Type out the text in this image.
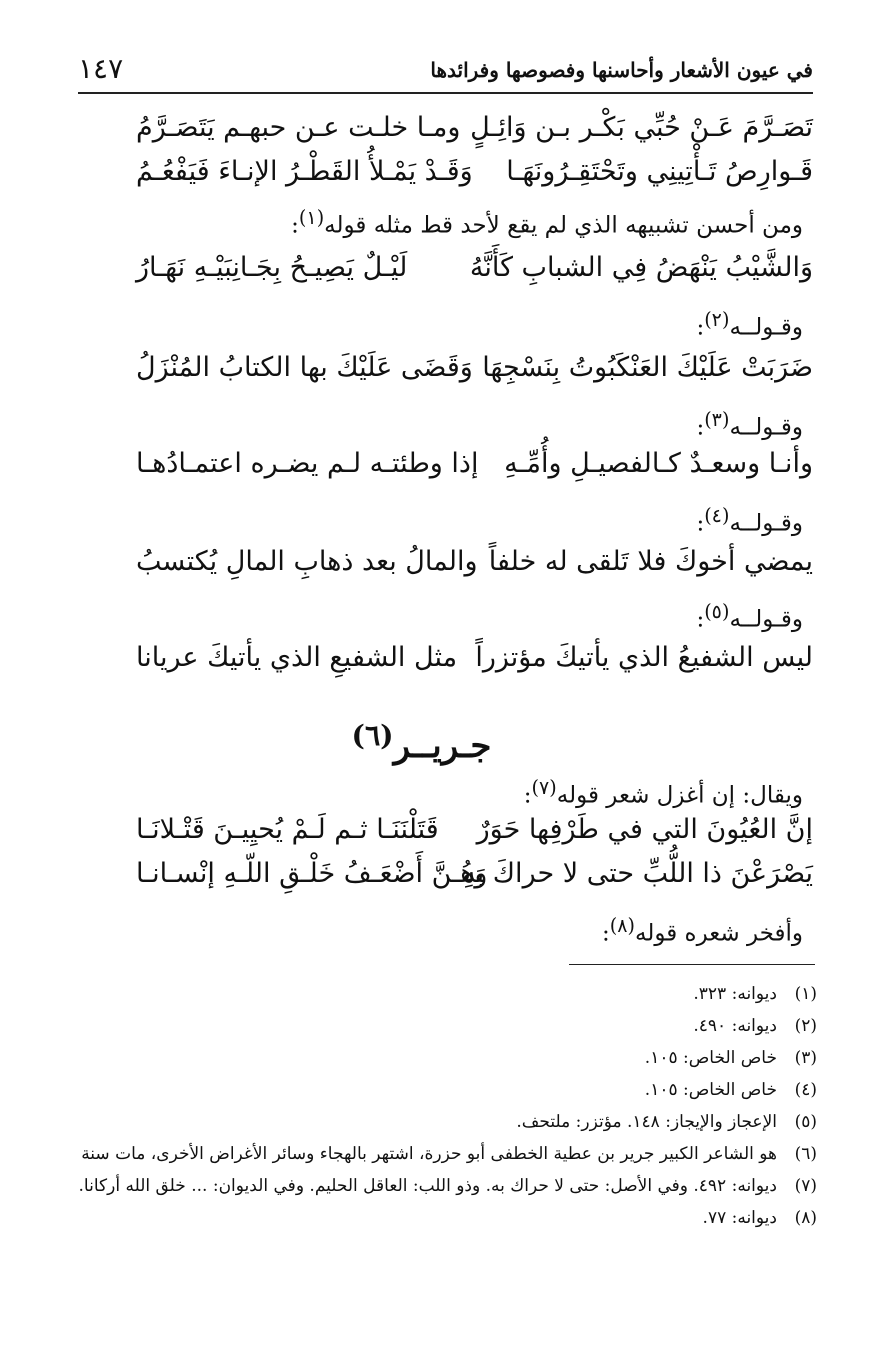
في عيون الأشعار وأحاسنها وفصوصها وفرائدها
١٤٧
تَصَـرَّمَ عَـنْ حُبِّي بَكْـر بـن وَائِـلٍ
ومـا خلـت عـن حبهـم يَتَصَـرَّمُ
قَـوارِصُ تَـأْتِينِي وتَحْتَقِـرُونَهَـا
وَقَـدْ يَمْـلأُ القَطْـرُ الإنـاءَ فَيَفْعُـمُ
ومن أحسن تشبيهه الذي لم يقع لأحد قط مثله قوله$^{(١)}$:
وَالشَّيْبُ يَنْهَضُ فِي الشبابِ كَأَنَّهُ
لَيْـلٌ يَصِيـحُ بِجَـانِبَيْـهِ نَهَـارُ
وقـولــه$^{(٢)}$:
ضَرَبَتْ عَلَيْكَ العَنْكَبُوتُ بِنَسْجِهَا
وَقَضَى عَلَيْكَ بها الكتابُ المُنْزَلُ
وقـولــه$^{(٣)}$:
وأنـا وسعـدٌ كـالفصيـلِ وأُمِّـهِ
إذا وطئتـه لـم يضـره اعتمـادُهـا
وقـولــه$^{(٤)}$:
يمضي أخوكَ فلا تَلقى له خلفاً
والمالُ بعد ذهابِ المالِ يُكتسبُ
وقـولــه$^{(٥)}$:
ليس الشفيعُ الذي يأتيكَ مؤتزراً
مثل الشفيعِ الذي يأتيكَ عريانا
جـريــر$^{(٦)}$
ويقال: إن أغزل شعر قوله$^{(٧)}$:
إنَّ العُيُونَ التي في طَرْفِها حَوَرٌ
قَتَلْنَنَـا ثـم لَـمْ يُحيِيـنَ قَتْـلانَـا
يَصْرَعْنَ ذا اللُّبِّ حتى لا حراكَ بهِ
وَهُـنَّ أَضْعَـفُ خَلْـقِ اللّـهِ إنْسـانـا
وأفخر شعره قوله$^{(٨)}$:
(١)
ديوانه: ٣٢٣.
(٢)
ديوانه: ٤٩٠.
(٣)
خاص الخاص: ١٠٥.
(٤)
خاص الخاص: ١٠٥.
(٥)
الإعجاز والإيجاز: ١٤٨. مؤتزر: ملتحف.
(٦)
هو الشاعر الكبير جرير بن عطية الخطفى أبو حزرة، اشتهر بالهجاء وسائر الأغراض الأخرى، مات سنة
(٧)
ديوانه: ٤٩٢. وفي الأصل: حتى لا حراك به. وذو اللب: العاقل الحليم. وفي الديوان: ... خلق الله أركانا.
(٨)
ديوانه: ٧٧.
